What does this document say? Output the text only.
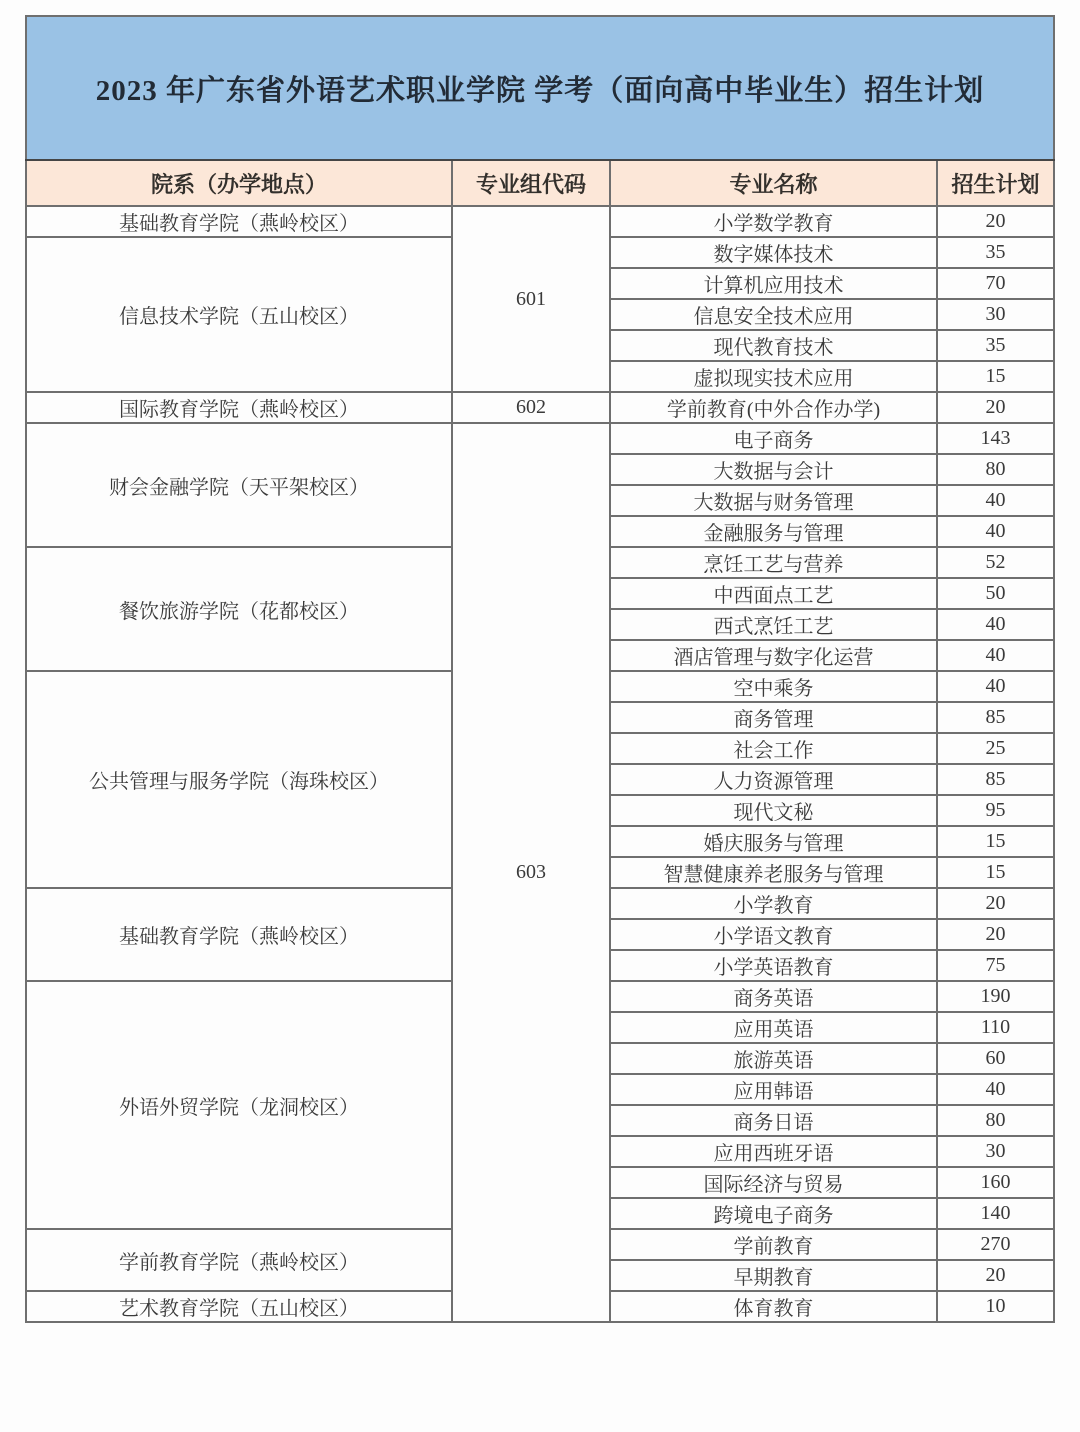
2023 年广东省外语艺术职业学院 学考（面向高中毕业生）招生计划			
院系（办学地点）	专业组代码	专业名称	招生计划
基础教育学院（燕岭校区）	601	小学数学教育	20
信息技术学院（五山校区）		数字媒体技术	35
		计算机应用技术	70
		信息安全技术应用	30
		现代教育技术	35
		虚拟现实技术应用	15
国际教育学院（燕岭校区）	602	学前教育(中外合作办学)	20
财会金融学院（天平架校区）	603	电子商务	143
		大数据与会计	80
		大数据与财务管理	40
		金融服务与管理	40
餐饮旅游学院（花都校区）		烹饪工艺与营养	52
		中西面点工艺	50
		西式烹饪工艺	40
		酒店管理与数字化运营	40
公共管理与服务学院（海珠校区）		空中乘务	40
		商务管理	85
		社会工作	25
		人力资源管理	85
		现代文秘	95
		婚庆服务与管理	15
		智慧健康养老服务与管理	15
基础教育学院（燕岭校区）		小学教育	20
		小学语文教育	20
		小学英语教育	75
外语外贸学院（龙洞校区）		商务英语	190
		应用英语	110
		旅游英语	60
		应用韩语	40
		商务日语	80
		应用西班牙语	30
		国际经济与贸易	160
		跨境电子商务	140
学前教育学院（燕岭校区）		学前教育	270
		早期教育	20
艺术教育学院（五山校区）		体育教育	10
